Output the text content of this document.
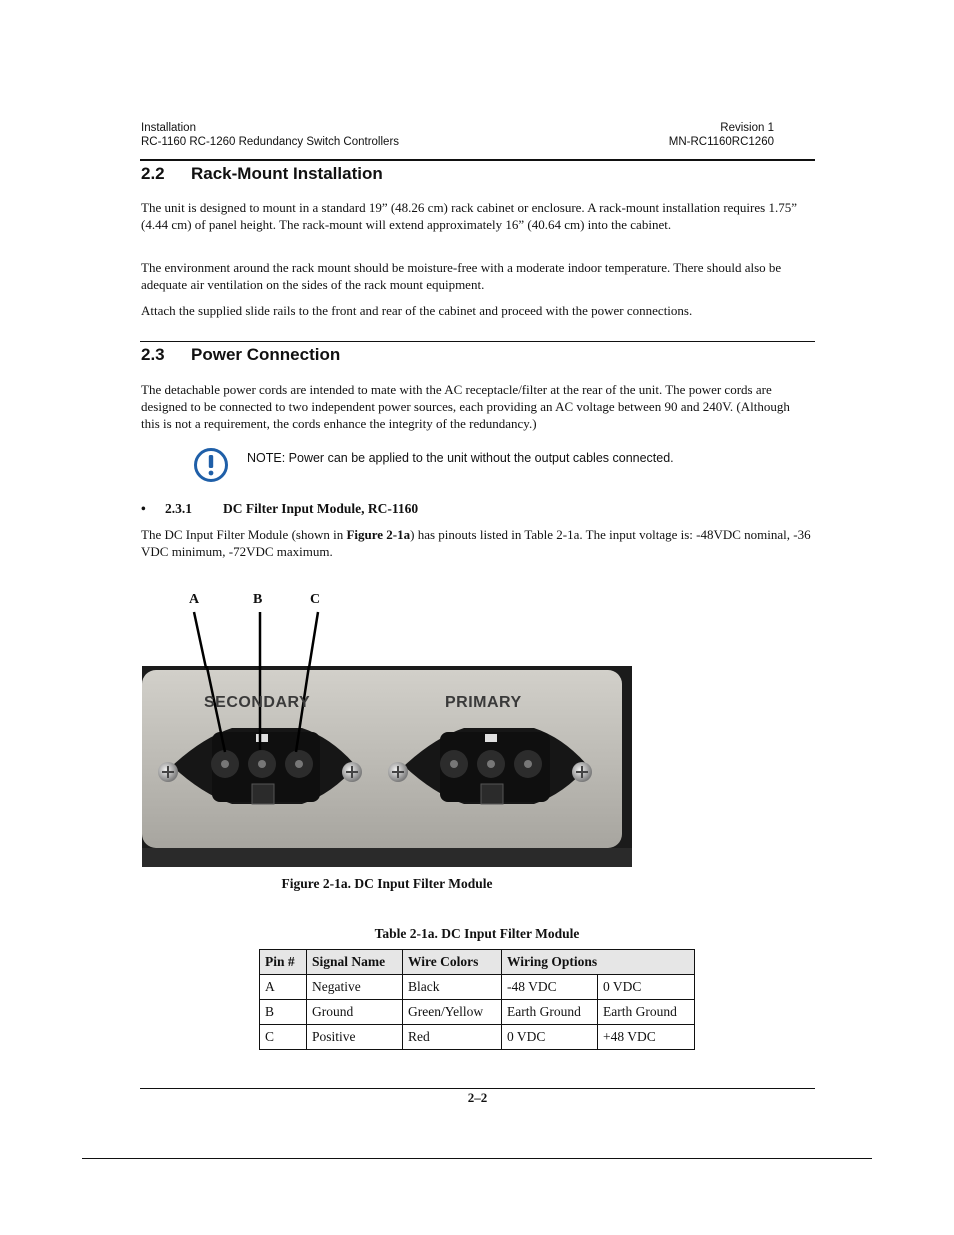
Installation
RC-1160 RC-1260 Redundancy Switch Controllers
Revision 1
MN-RC1160RC1260
2.2 Rack-Mount Installation
The unit is designed to mount in a standard 19” (48.26 cm) rack cabinet or enclosure. A rack-mount installation requires 1.75” (4.44 cm) of panel height. The rack-mount will extend approximately 16” (40.64 cm) into the cabinet.
The environment around the rack mount should be moisture-free with a moderate indoor temperature. There should also be adequate air ventilation on the sides of the rack mount equipment.
Attach the supplied slide rails to the front and rear of the cabinet and proceed with the power connections.
2.3 Power Connection
The detachable power cords are intended to mate with the AC receptacle/filter at the rear of the unit. The power cords are designed to be connected to two independent power sources, each providing an AC voltage between 90 and 240V. (Although this is not a requirement, the cords enhance the integrity of the redundancy.)
NOTE: Power can be applied to the unit without the output cables connected.
• 2.3.1 DC Filter Input Module, RC-1160
The DC Input Filter Module (shown in Figure 2-1a) has pinouts listed in Table 2-1a. The input voltage is: -48VDC nominal, -36 VDC minimum, -72VDC maximum.
A	B	C
SECONDARY	PRIMARY
Figure 2-1a. DC Input Filter Module
Table 2-1a. DC Input Filter Module
Pin #	Signal Name	Wire Colors	Wiring Options	
A	Negative	Black	-48 VDC	0 VDC
B	Ground	Green/Yellow	Earth Ground	Earth Ground
C	Positive	Red	0 VDC	+48 VDC
2–2
